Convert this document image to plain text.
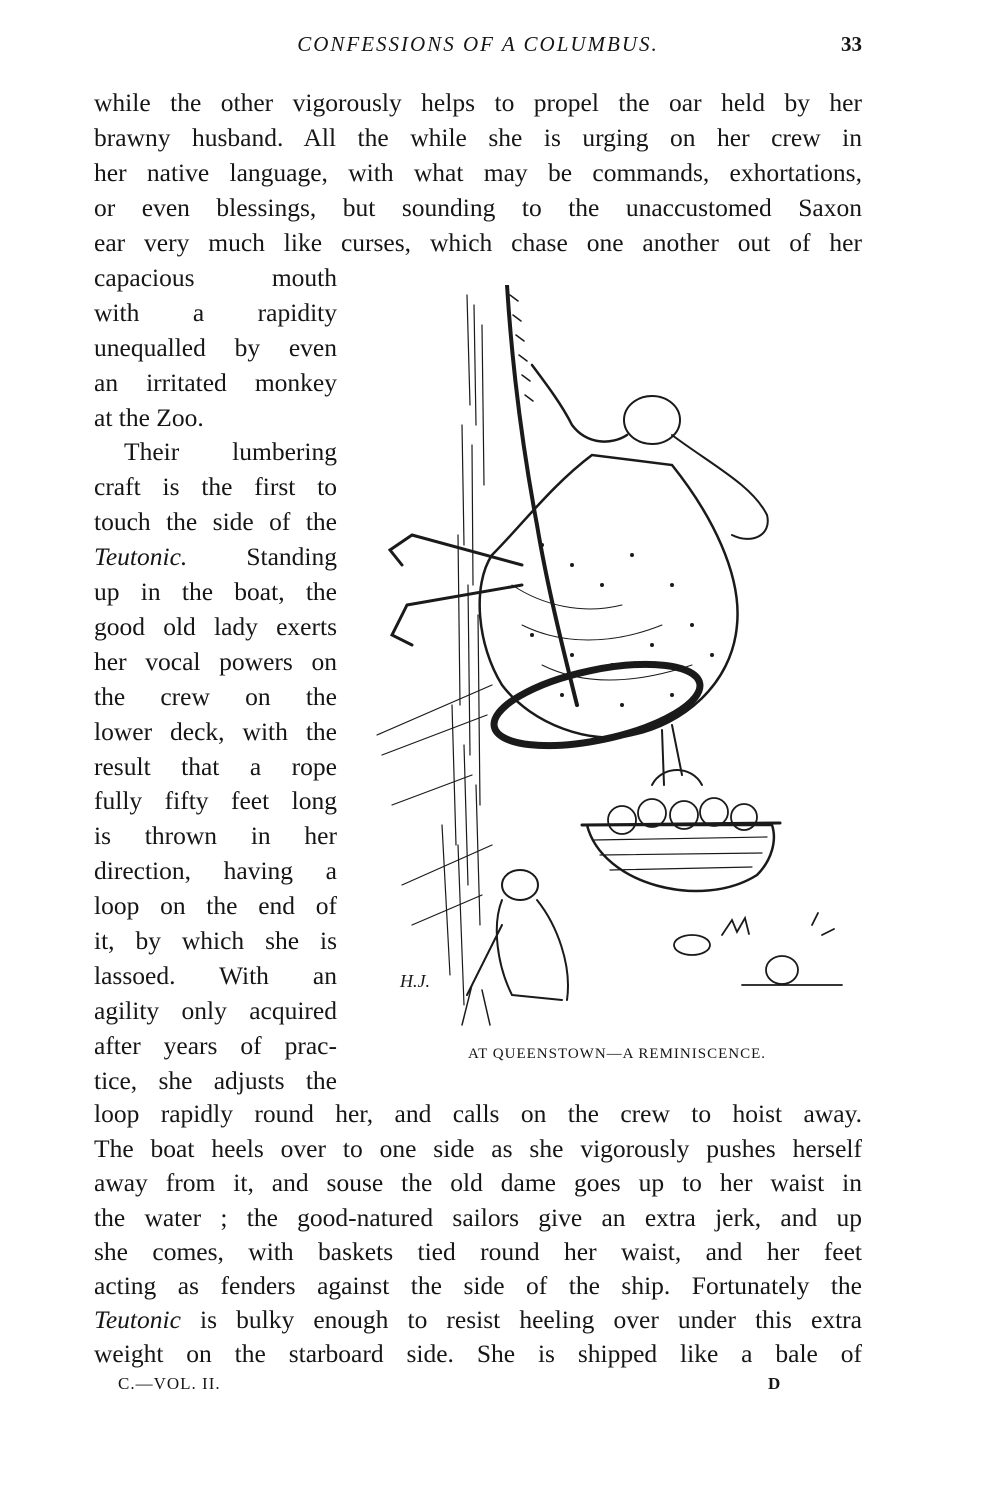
CONFESSIONS OF A COLUMBUS.	33
while the other vigorously helps to propel the oar held by her
brawny husband. All the while she is urging on her crew in
her native language, with what may be commands, exhortations,
or even blessings, but sounding to the unaccustomed Saxon
ear very much like curses, which chase one another out of her
capacious mouth
with a rapidity
unequalled by even
an irritated monkey
at the Zoo.
Their lumbering
craft is the first to
touch the side of the
Teutonic. Standing
up in the boat, the
good old lady exerts
her vocal powers on
the crew on the
lower deck, with the
result that a rope
fully fifty feet long
is thrown in her
direction, having a
loop on the end of
it, by which she is
lassoed. With an
agility only acquired
after years of prac-
tice, she adjusts the
H.J.
AT QUEENSTOWN—A REMINISCENCE.
loop rapidly round her, and calls on the crew to hoist away.
The boat heels over to one side as she vigorously pushes herself
away from it, and souse the old dame goes up to her waist in
the water ; the good-natured sailors give an extra jerk, and up
she comes, with baskets tied round her waist, and her feet
acting as fenders against the side of the ship. Fortunately the
Teutonic is bulky enough to resist heeling over under this extra
weight on the starboard side. She is shipped like a bale of
C.—VOL. II.	D
